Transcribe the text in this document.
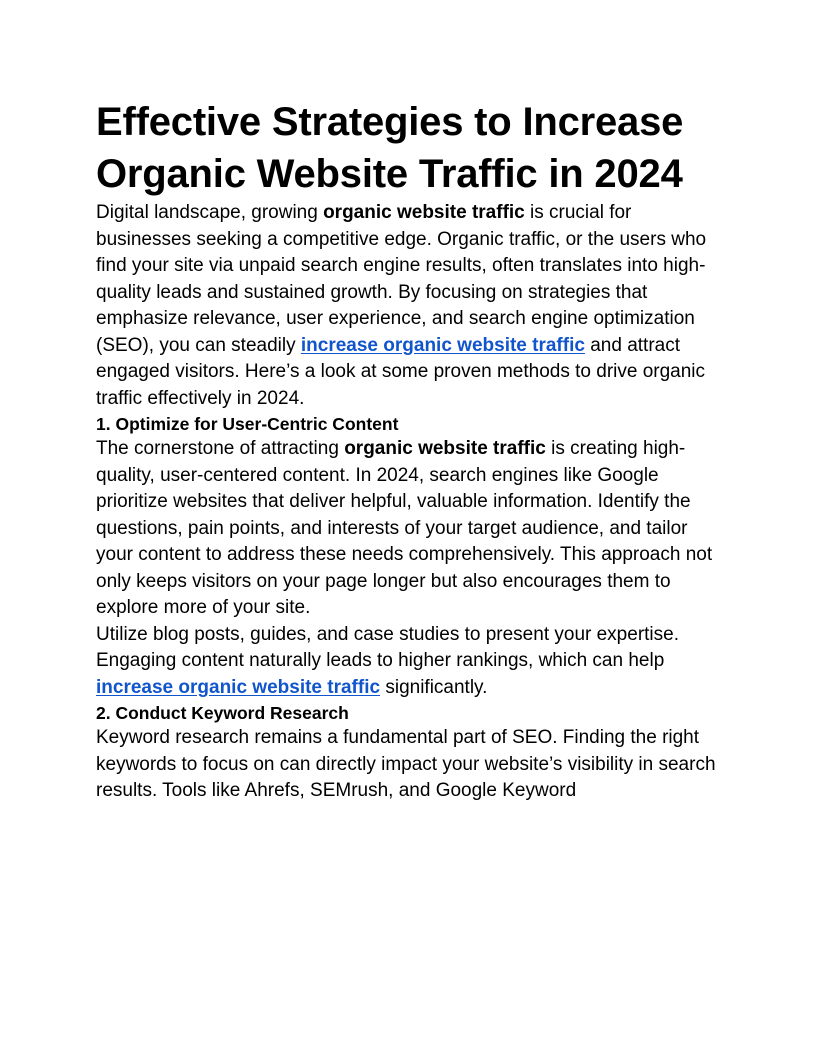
Effective Strategies to Increase Organic Website Traffic in 2024

Digital landscape, growing organic website traffic is crucial for businesses seeking a competitive edge. Organic traffic, or the users who find your site via unpaid search engine results, often translates into high-quality leads and sustained growth. By focusing on strategies that emphasize relevance, user experience, and search engine optimization (SEO), you can steadily increase organic website traffic and attract engaged visitors. Here’s a look at some proven methods to drive organic traffic effectively in 2024.

1. Optimize for User-Centric Content

The cornerstone of attracting organic website traffic is creating high-quality, user-centered content. In 2024, search engines like Google prioritize websites that deliver helpful, valuable information. Identify the questions, pain points, and interests of your target audience, and tailor your content to address these needs comprehensively. This approach not only keeps visitors on your page longer but also encourages them to explore more of your site.

Utilize blog posts, guides, and case studies to present your expertise. Engaging content naturally leads to higher rankings, which can help increase organic website traffic significantly.

2. Conduct Keyword Research

Keyword research remains a fundamental part of SEO. Finding the right keywords to focus on can directly impact your website’s visibility in search results. Tools like Ahrefs, SEMrush, and Google Keyword
